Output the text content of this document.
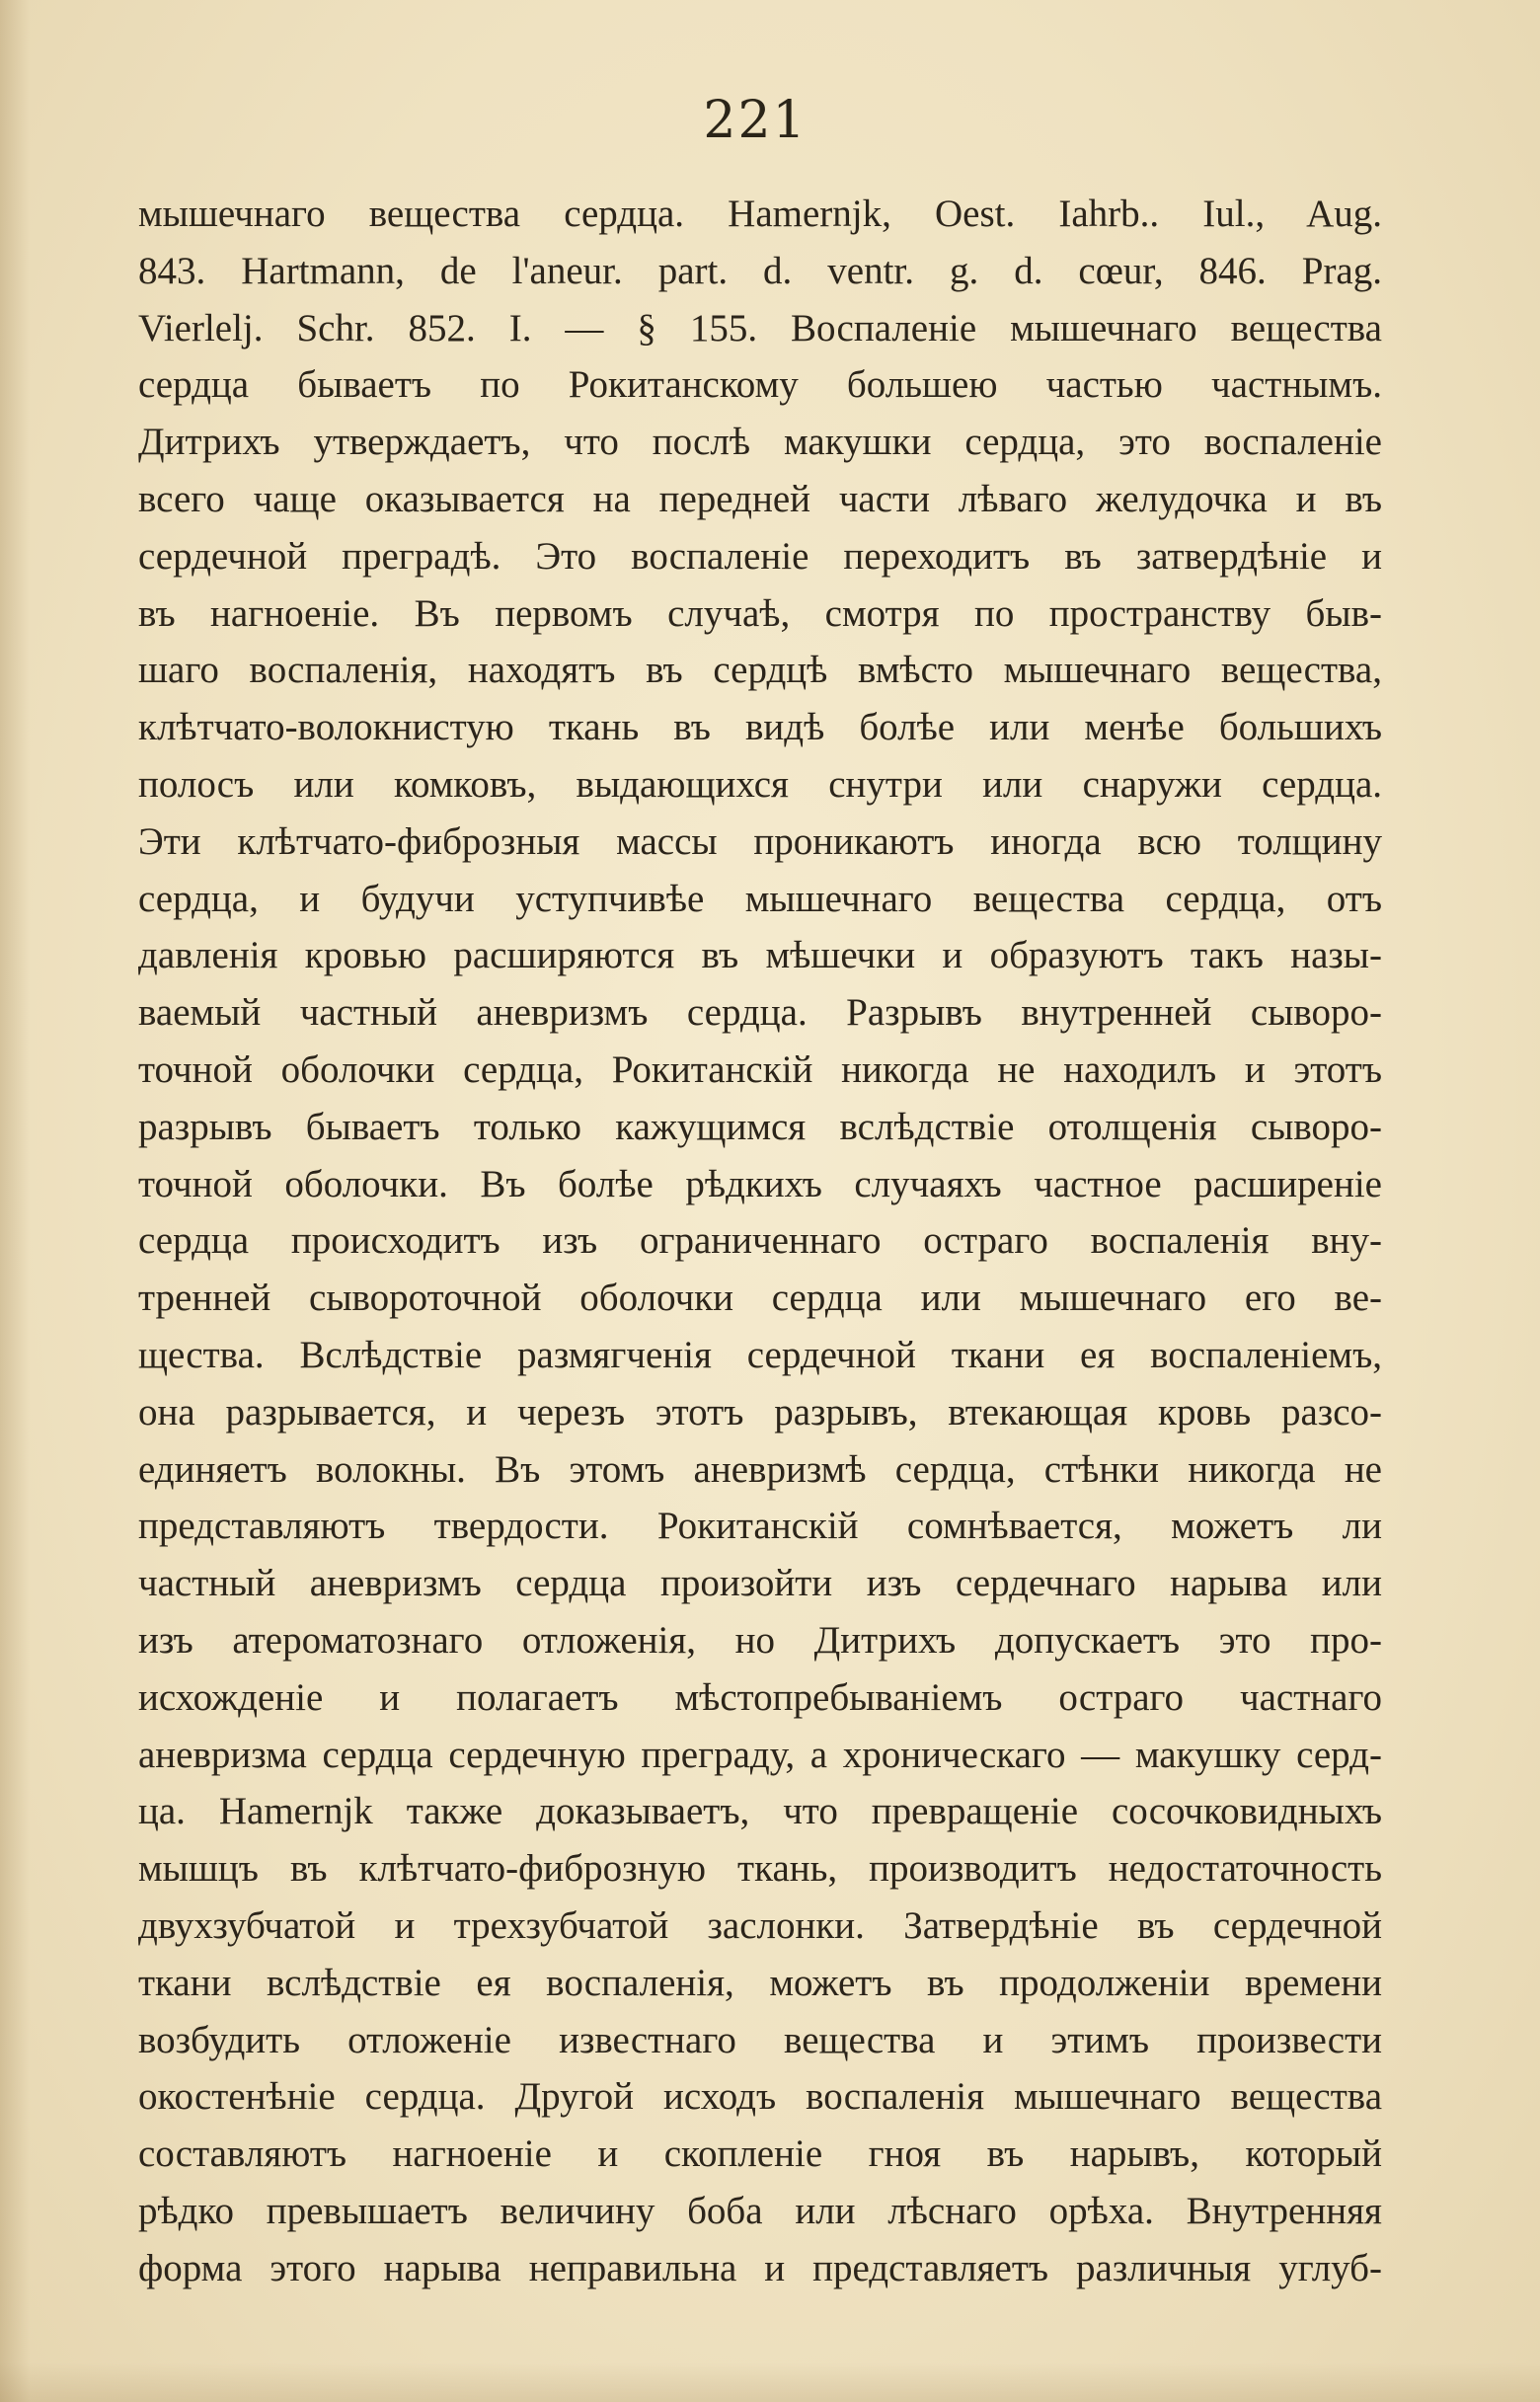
221
мышечнаго вещества сердца. Hamernjk, Oest. Iahrb.. Iul., Aug.
843. Hartmann, de l'aneur. part. d. ventr. g. d. cœur, 846. Prag.
Vierlelj. Schr. 852. I. — § 155. Воспаленіе мышечнаго вещества
сердца бываетъ по Рокитанскому большею частью частнымъ.
Дитрихъ утверждаетъ, что послѣ макушки сердца, это воспаленіе
всего чаще оказывается на передней части лѣваго желудочка и въ
сердечной преградѣ. Это воспаленіе переходитъ въ затвердѣніе и
въ нагноеніе. Въ первомъ случаѣ, смотря по пространству быв-
шаго воспаленія, находятъ въ сердцѣ вмѣсто мышечнаго вещества,
клѣтчато-волокнистую ткань въ видѣ болѣе или менѣе большихъ
полосъ или комковъ, выдающихся снутри или снаружи сердца.
Эти клѣтчато-фиброзныя массы проникаютъ иногда всю толщину
сердца, и будучи уступчивѣе мышечнаго вещества сердца, отъ
давленія кровью расширяются въ мѣшечки и образуютъ такъ назы-
ваемый частный аневризмъ сердца. Разрывъ внутренней сыворо-
точной оболочки сердца, Рокитанскій никогда не находилъ и этотъ
разрывъ бываетъ только кажущимся вслѣдствіе отолщенія сыворо-
точной оболочки. Въ болѣе рѣдкихъ случаяхъ частное расширеніе
сердца происходитъ изъ ограниченнаго остраго воспаленія вну-
тренней сывороточной оболочки сердца или мышечнаго его ве-
щества. Вслѣдствіе размягченія сердечной ткани ея воспаленіемъ,
она разрывается, и черезъ этотъ разрывъ, втекающая кровь разсо-
единяетъ волокны. Въ этомъ аневризмѣ сердца, стѣнки никогда не
представляютъ твердости. Рокитанскій сомнѣвается, можетъ ли
частный аневризмъ сердца произойти изъ сердечнаго нарыва или
изъ атероматознаго отложенія, но Дитрихъ допускаетъ это про-
исхожденіе и полагаетъ мѣстопребываніемъ остраго частнаго
аневризма сердца сердечную преграду, а хроническаго — макушку серд-
ца. Hamernjk также доказываетъ, что превращеніе сосочковидныхъ
мышцъ въ клѣтчато-фиброзную ткань, производитъ недостаточность
двухзубчатой и трехзубчатой заслонки. Затвердѣніе въ сердечной
ткани вслѣдствіе ея воспаленія, можетъ въ продолженіи времени
возбудить отложеніе известнаго вещества и этимъ произвести
окостенѣніе сердца. Другой исходъ воспаленія мышечнаго вещества
составляютъ нагноеніе и скопленіе гноя въ нарывъ, который
рѣдко превышаетъ величину боба или лѣснаго орѣха. Внутренняя
форма этого нарыва неправильна и представляетъ различныя углуб-
